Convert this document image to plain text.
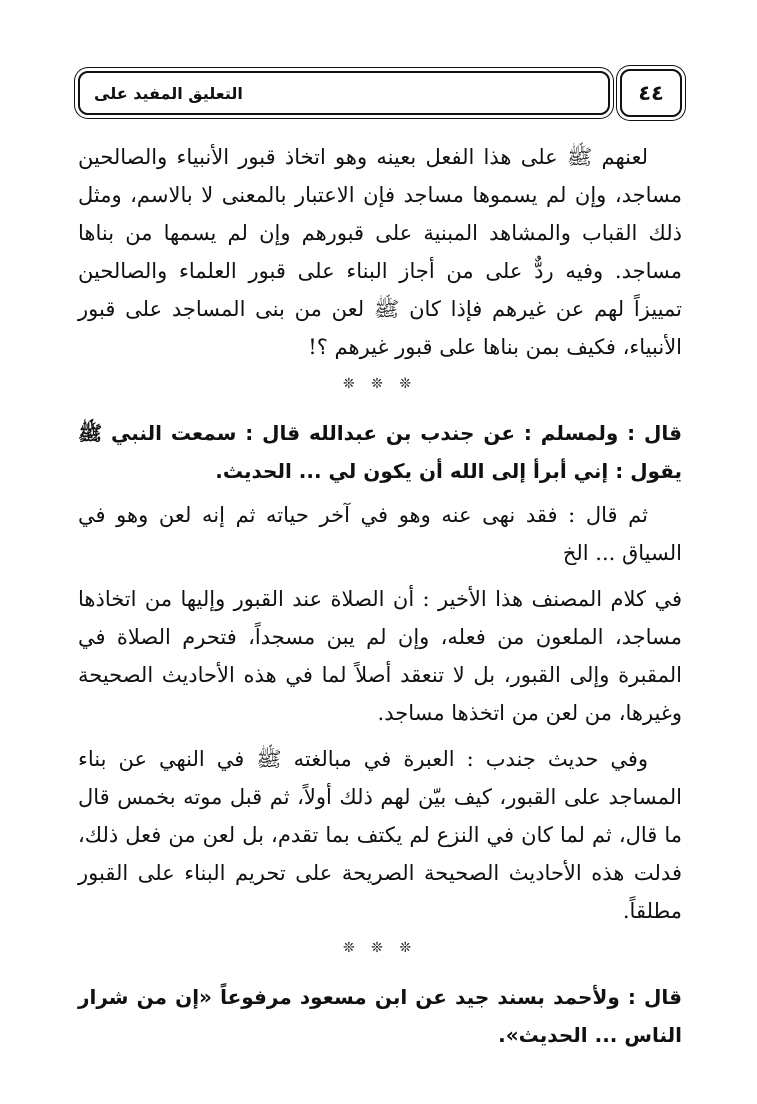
٤٤
التعليق المفيد على

لعنهم ﷺ على هذا الفعل بعينه وهو اتخاذ قبور الأنبياء والصالحين مساجد، وإن لم يسموها مساجد فإن الاعتبار بالمعنى لا بالاسم، ومثل ذلك القباب والمشاهد المبنية على قبورهم وإن لم يسمها من بناها مساجد. وفيه ردٌّ على من أجاز البناء على قبور العلماء والصالحين تمييزاً لهم عن غيرهم فإذا كان ﷺ لعن من بنى المساجد على قبور الأنبياء، فكيف بمن بناها على قبور غيرهم ؟!

❊ ❊ ❊

قال : ولمسلم : عن جندب بن عبدالله قال : سمعت النبي ﷺ يقول : إني أبرأ إلى الله أن يكون لي ... الحديث.

ثم قال : فقد نهى عنه وهو في آخر حياته ثم إنه لعن وهو في السياق ... الخ

في كلام المصنف هذا الأخير : أن الصلاة عند القبور وإليها من اتخاذها مساجد، الملعون من فعله، وإن لم يبن مسجداً، فتحرم الصلاة في المقبرة وإلى القبور، بل لا تنعقد أصلاً لما في هذه الأحاديث الصحيحة وغيرها، من لعن من اتخذها مساجد.

وفي حديث جندب : العبرة في مبالغته ﷺ في النهي عن بناء المساجد على القبور، كيف بيّن لهم ذلك أولاً، ثم قبل موته بخمس قال ما قال، ثم لما كان في النزع لم يكتف بما تقدم، بل لعن من فعل ذلك، فدلت هذه الأحاديث الصحيحة الصريحة على تحريم البناء على القبور مطلقاً.

❊ ❊ ❊

قال : ولأحمد بسند جيد عن ابن مسعود مرفوعاً «إن من شرار الناس ... الحديث».
